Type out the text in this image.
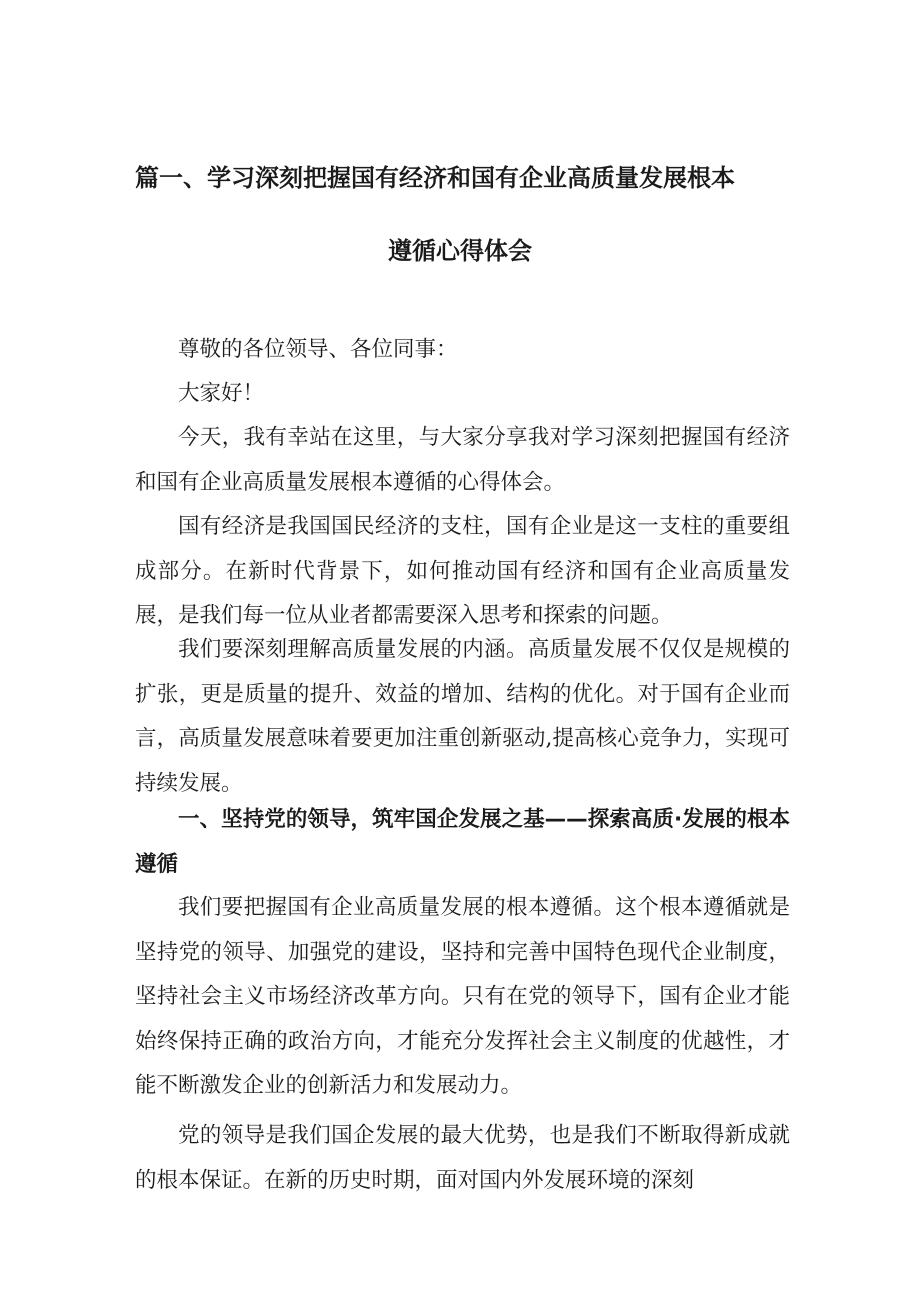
篇一、学习深刻把握国有经济和国有企业高质量发展根本
遵循心得体会

尊敬的各位领导、各位同事：

大家好！

今天，我有幸站在这里，与大家分享我对学习深刻把握国有经济和国有企业高质量发展根本遵循的心得体会。

国有经济是我国国民经济的支柱，国有企业是这一支柱的重要组成部分。在新时代背景下，如何推动国有经济和国有企业高质量发展，是我们每一位从业者都需要深入思考和探索的问题。

我们要深刻理解高质量发展的内涵。高质量发展不仅仅是规模的扩张，更是质量的提升、效益的增加、结构的优化。对于国有企业而言，高质量发展意味着要更加注重创新驱动,提高核心竞争力，实现可持续发展。

一、坚持党的领导，筑牢国企发展之基——探索高质·发展的根本遵循

我们要把握国有企业高质量发展的根本遵循。这个根本遵循就是坚持党的领导、加强党的建设，坚持和完善中国特色现代企业制度，坚持社会主义市场经济改革方向。只有在党的领导下，国有企业才能始终保持正确的政治方向，才能充分发挥社会主义制度的优越性，才能不断激发企业的创新活力和发展动力。

党的领导是我们国企发展的最大优势，也是我们不断取得新成就的根本保证。在新的历史时期，面对国内外发展环境的深刻
